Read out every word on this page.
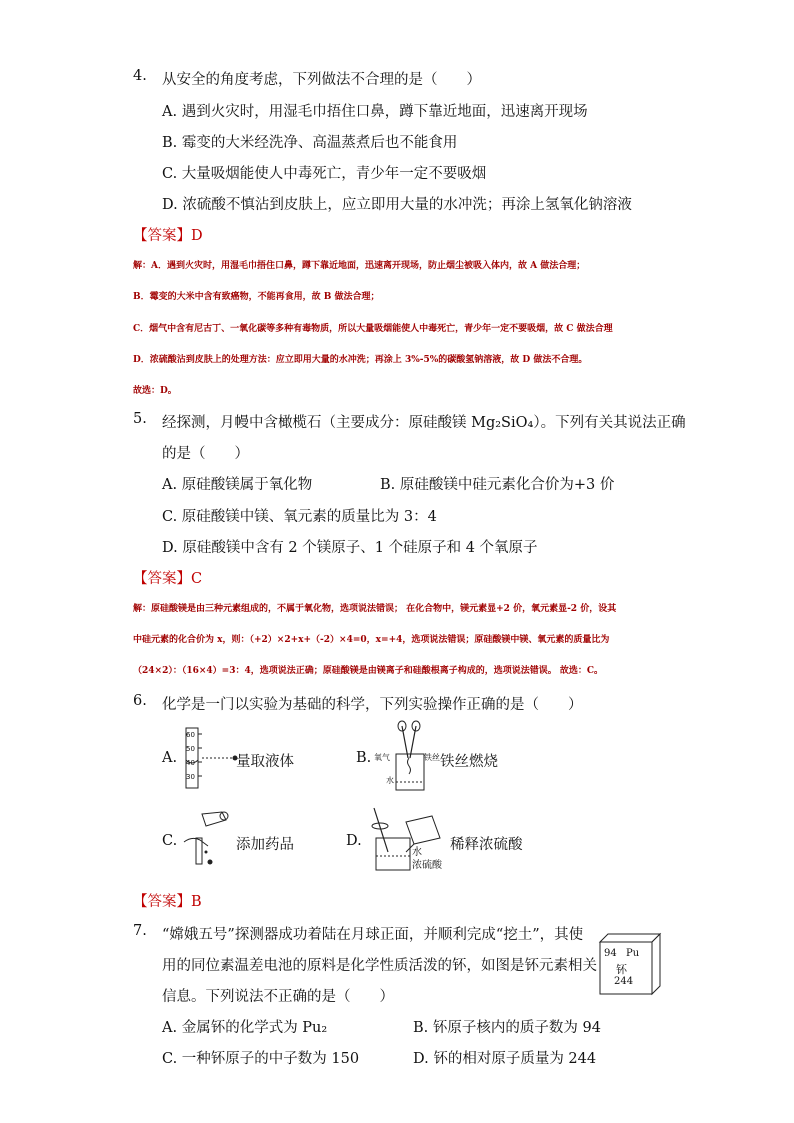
4. 从安全的角度考虑，下列做法不合理的是（　　）
A. 遇到火灾时，用湿毛巾捂住口鼻，蹲下靠近地面，迅速离开现场
B. 霉变的大米经洗净、高温蒸煮后也不能食用
C. 大量吸烟能使人中毒死亡，青少年一定不要吸烟
D. 浓硫酸不慎沾到皮肤上，应立即用大量的水冲洗；再涂上氢氧化钠溶液
【答案】D
解：A．遇到火灾时，用湿毛巾捂住口鼻，蹲下靠近地面，迅速离开现场，防止烟尘被吸入体内，故 A 做法合理；
B．霉变的大米中含有致癌物，不能再食用，故 B 做法合理；
C．烟气中含有尼古丁、一氧化碳等多种有毒物质，所以大量吸烟能使人中毒死亡，青少年一定不要吸烟，故 C 做法合理
D．浓硫酸沾到皮肤上的处理方法：应立即用大量的水冲洗；再涂上 3%-5%的碳酸氢钠溶液，故 D 做法不合理。
故选：D。
5. 经探测，月幔中含橄榄石（主要成分：原硅酸镁 Mg₂SiO₄）。下列有关其说法正确
的是（　　）
A. 原硅酸镁属于氧化物	B. 原硅酸镁中硅元素化合价为+3 价
C. 原硅酸镁中镁、氧元素的质量比为 3：4
D. 原硅酸镁中含有 2 个镁原子、1 个硅原子和 4 个氧原子
【答案】C
解：原硅酸镁是由三种元素组成的，不属于氧化物，选项说法错误； 在化合物中，镁元素显+2 价，氧元素显-2 价，设其
中硅元素的化合价为 x，则：（+2）×2+x+（-2）×4=0，x=+4，选项说法错误；原硅酸镁中镁、氧元素的质量比为
（24×2）：（16×4）=3：4，选项说法正确；原硅酸镁是由镁离子和硅酸根离子构成的，选项说法错误。 故选：C。
6. 化学是一门以实验为基础的科学，下列实验操作正确的是（　　）
A.
60
50
40
30
量取液体	B. 氧气	铁丝
水
铁丝燃烧
C.	添加药品	D.
水
浓硫酸
稀释浓硫酸
【答案】B
7. “嫦娥五号”探测器成功着陆在月球正面，并顺利完成“挖土”，其使
用的同位素温差电池的原料是化学性质活泼的钚，如图是钚元素相关
信息。下列说法不正确的是（　　）
94 Pu
钚
244
A. 金属钚的化学式为 Pu₂	B. 钚原子核内的质子数为 94
C. 一种钚原子的中子数为 150	D. 钚的相对原子质量为 244
